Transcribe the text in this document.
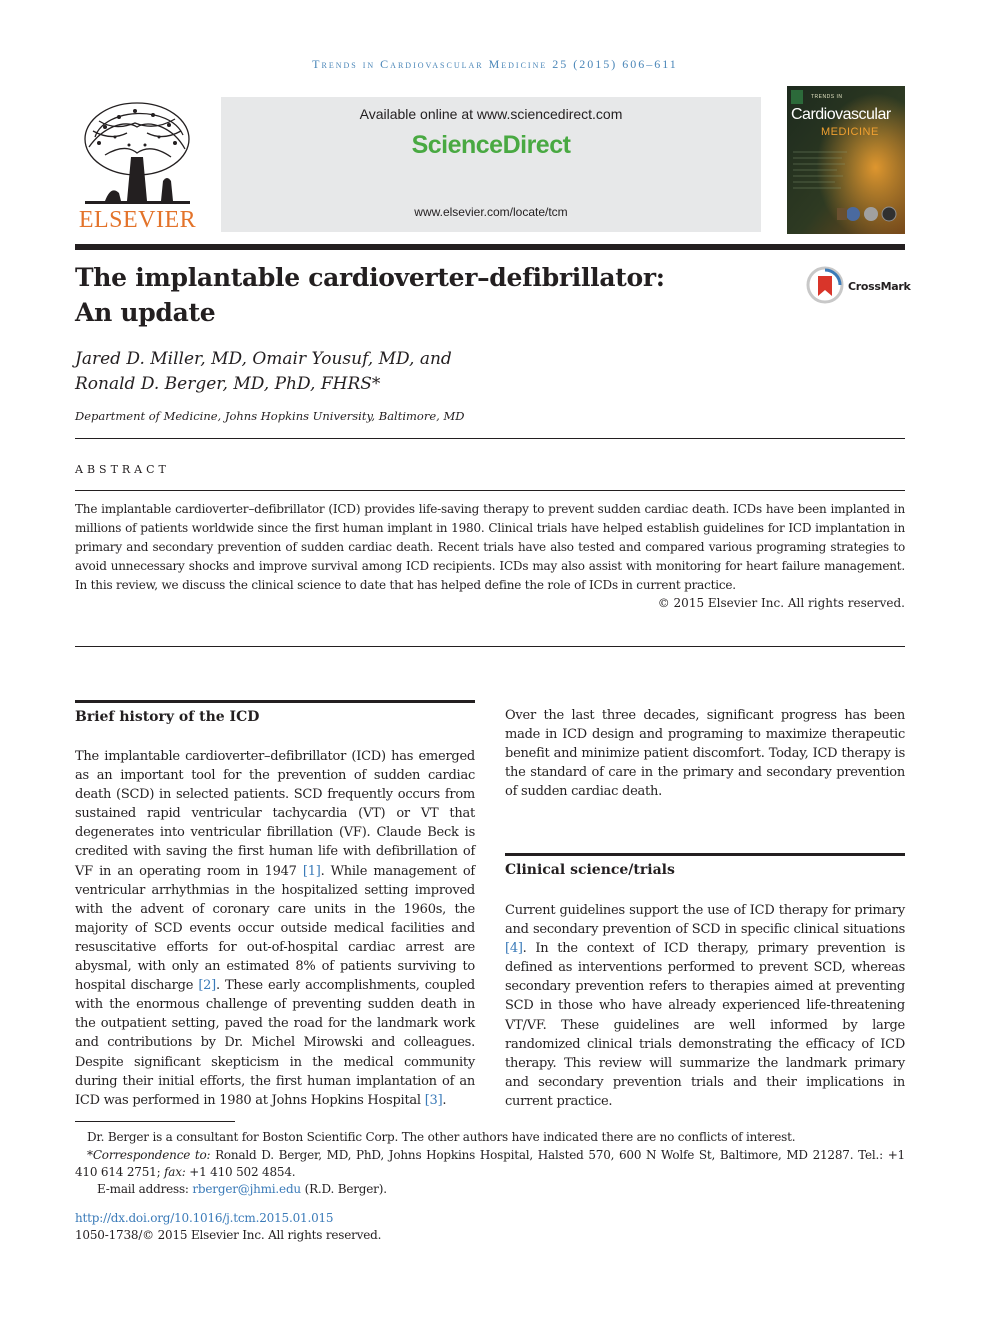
Trends in Cardiovascular Medicine 25 (2015) 606–611
ELSEVIER
Available online at www.sciencedirect.com
ScienceDirect
www.elsevier.com/locate/tcm
TRENDS IN
Cardiovascular
MEDICINE
The implantable cardioverter–defibrillator:
An update
CrossMark
Jared D. Miller, MD, Omair Yousuf, MD, and
Ronald D. Berger, MD, PhD, FHRS*
Department of Medicine, Johns Hopkins University, Baltimore, MD
ABSTRACT
The implantable cardioverter–defibrillator (ICD) provides life-saving therapy to prevent sudden cardiac death. ICDs have been implanted in millions of patients worldwide since the first human implant in 1980. Clinical trials have helped establish guidelines for ICD implantation in primary and secondary prevention of sudden cardiac death. Recent trials have also tested and compared various programing strategies to avoid unnecessary shocks and improve survival among ICD recipients. ICDs may also assist with monitoring for heart failure management. In this review, we discuss the clinical science to date that has helped define the role of ICDs in current practice.
© 2015 Elsevier Inc. All rights reserved.
Brief history of the ICD
The implantable cardioverter–defibrillator (ICD) has emerged as an important tool for the prevention of sudden cardiac death (SCD) in selected patients. SCD frequently occurs from sustained rapid ventricular tachycardia (VT) or VT that degenerates into ventricular fibrillation (VF). Claude Beck is credited with saving the first human life with defibrillation of VF in an operating room in 1947 [1]. While management of ventricular arrhythmias in the hospitalized setting improved with the advent of coronary care units in the 1960s, the majority of SCD events occur outside medical facilities and resuscitative efforts for out-of-hospital cardiac arrest are abysmal, with only an estimated 8% of patients surviving to hospital discharge [2]. These early accomplishments, coupled with the enormous challenge of preventing sudden death in the outpatient setting, paved the road for the landmark work and contributions by Dr. Michel Mirowski and colleagues. Despite significant skepticism in the medical community during their initial efforts, the first human implantation of an ICD was performed in 1980 at Johns Hopkins Hospital [3].
Over the last three decades, significant progress has been made in ICD design and programing to maximize therapeutic benefit and minimize patient discomfort. Today, ICD therapy is the standard of care in the primary and secondary prevention of sudden cardiac death.
Clinical science/trials
Current guidelines support the use of ICD therapy for primary and secondary prevention of SCD in specific clinical situations [4]. In the context of ICD therapy, primary prevention is defined as interventions performed to prevent SCD, whereas secondary prevention refers to therapies aimed at preventing SCD in those who have already experienced life-threatening VT/VF. These guidelines are well informed by large randomized clinical trials demonstrating the efficacy of ICD therapy. This review will summarize the landmark primary and secondary prevention trials and their implications in current practice.
Dr. Berger is a consultant for Boston Scientific Corp. The other authors have indicated there are no conflicts of interest.
*Correspondence to: Ronald D. Berger, MD, PhD, Johns Hopkins Hospital, Halsted 570, 600 N Wolfe St, Baltimore, MD 21287. Tel.: +1 410 614 2751; fax: +1 410 502 4854.
E-mail address: rberger@jhmi.edu (R.D. Berger).
http://dx.doi.org/10.1016/j.tcm.2015.01.015
1050-1738/© 2015 Elsevier Inc. All rights reserved.
